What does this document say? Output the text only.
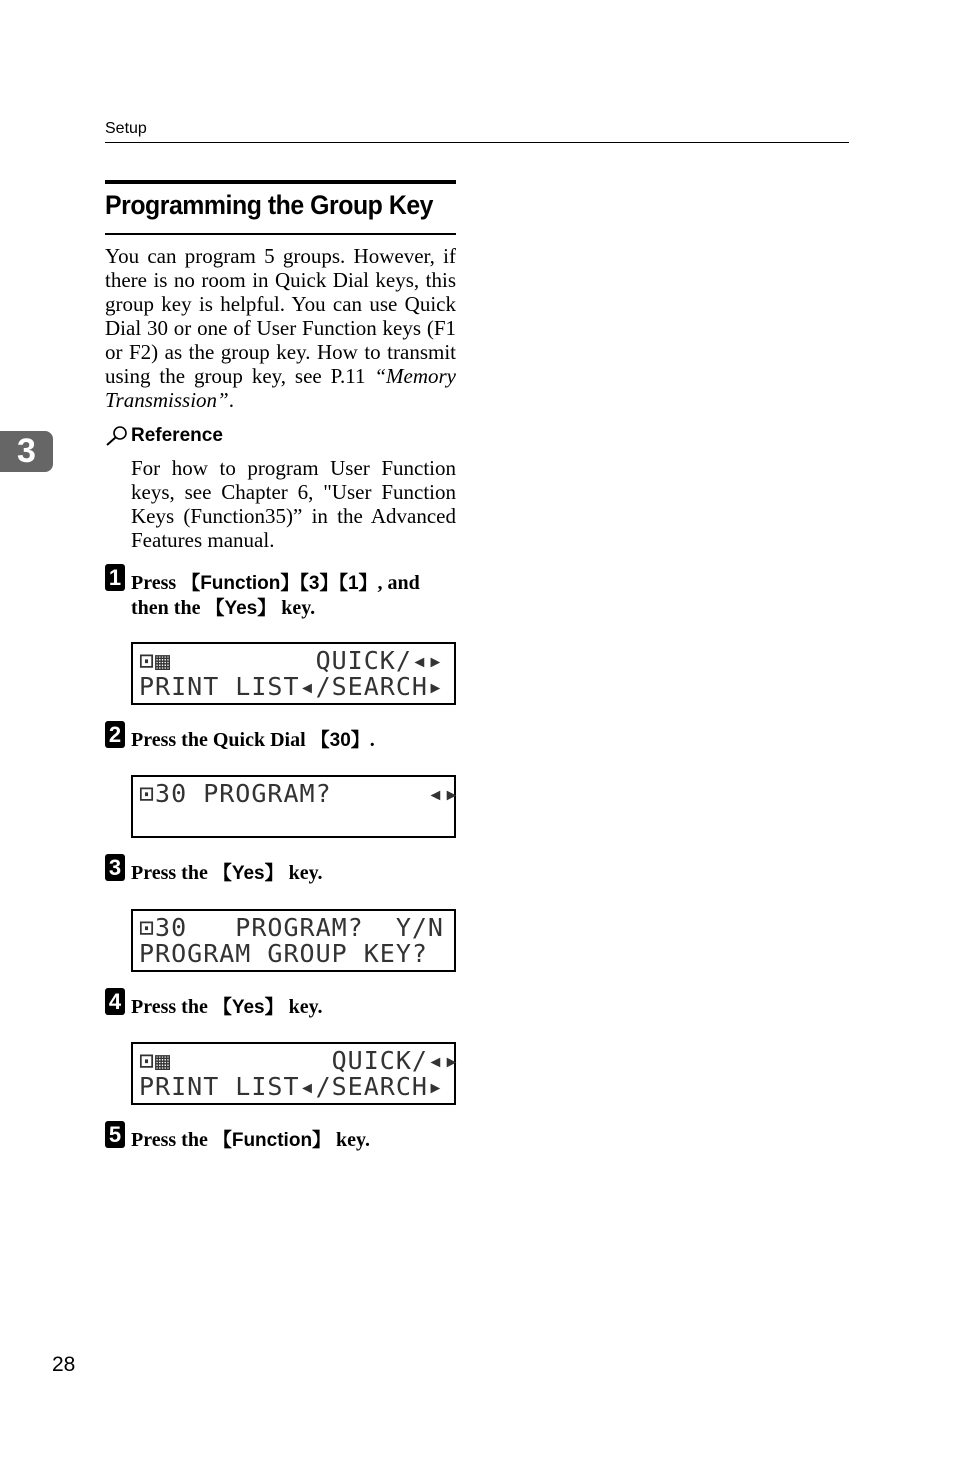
Setup
Programming the Group Key
You can program 5 groups. However, if there is no room in Quick Dial keys, this group key is helpful. You can use Quick Dial 30 or one of User Function keys (F1 or F2) as the group key. How to transmit using the group key, see P.11 “Memory Transmission”.
3	Reference
For how to program User Function keys, see Chapter 6, "User Function Keys (Function35)” in the Advanced Features manual.
1 Press 【Function】【3】【1】, and then the 【Yes】 key.
⊡▦         QUICK/◂▸
PRINT LIST◂/SEARCH▸
2 Press the Quick Dial 【30】.
⊡30 PROGRAM?      ◂▸
3 Press the 【Yes】 key.
⊡30   PROGRAM?  Y/N
PROGRAM GROUP KEY?
4 Press the 【Yes】 key.
⊡▦          QUICK/◂▸
PRINT LIST◂/SEARCH▸
5 Press the 【Function】 key.
28
